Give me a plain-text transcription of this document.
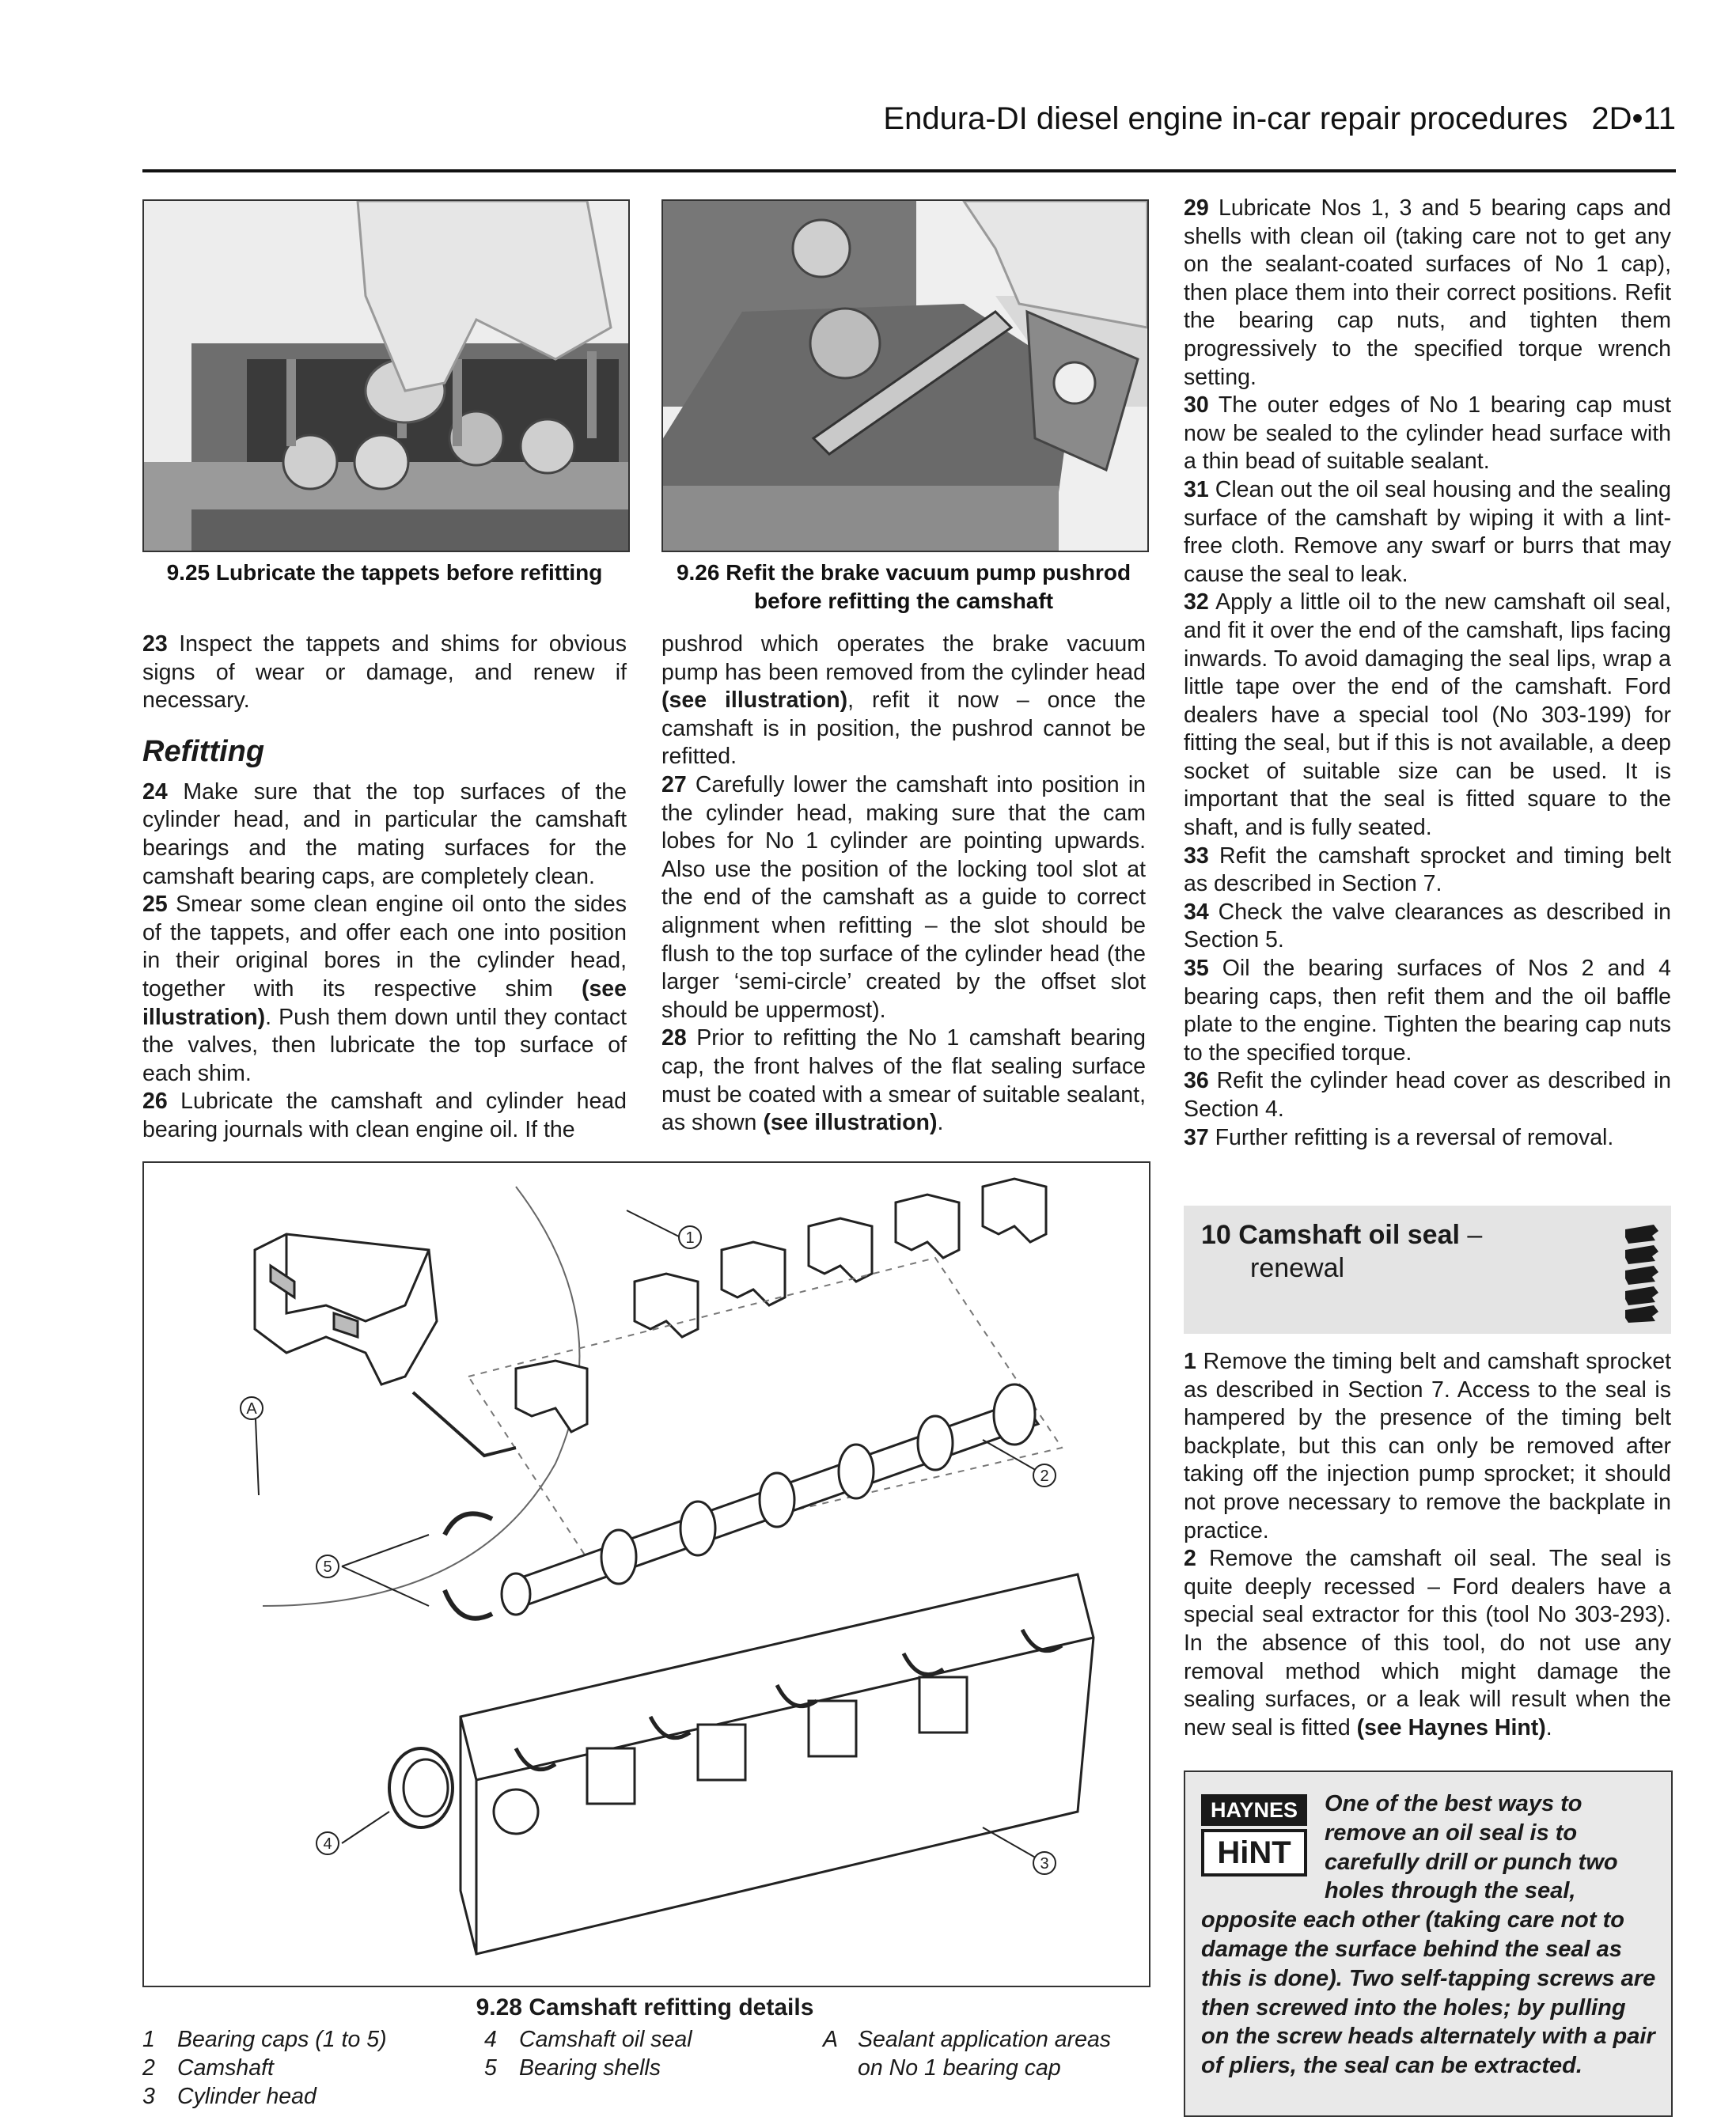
Endura-DI diesel engine in-car repair procedures 2D•11
9.25 Lubricate the tappets before refitting	9.26 Refit the brake vacuum pump pushrod
before refitting the camshaft

23 Inspect the tappets and shims for obvious signs of wear or damage, and renew if necessary.

Refitting

24 Make sure that the top surfaces of the cylinder head, and in particular the camshaft bearings and the mating surfaces for the camshaft bearing caps, are completely clean.

25 Smear some clean engine oil onto the sides of the tappets, and offer each one into position in their original bores in the cylinder head, together with its respective shim (see illustration). Push them down until they contact the valves, then lubricate the top surface of each shim.

26 Lubricate the camshaft and cylinder head bearing journals with clean engine oil. If the

pushrod which operates the brake vacuum pump has been removed from the cylinder head (see illustration), refit it now – once the camshaft is in position, the pushrod cannot be refitted.

27 Carefully lower the camshaft into position in the cylinder head, making sure that the cam lobes for No 1 cylinder are pointing upwards. Also use the position of the locking tool slot at the end of the camshaft as a guide to correct alignment when refitting – the slot should be flush to the top surface of the cylinder head (the larger ‘semi-circle’ created by the offset slot should be uppermost).

28 Prior to refitting the No 1 camshaft bearing cap, the front halves of the flat sealing surface must be coated with a smear of suitable sealant, as shown (see illustration).

29 Lubricate Nos 1, 3 and 5 bearing caps and shells with clean oil (taking care not to get any on the sealant-coated surfaces of No 1 cap), then place them into their correct positions. Refit the bearing cap nuts, and tighten them progressively to the specified torque wrench setting.

30 The outer edges of No 1 bearing cap must now be sealed to the cylinder head surface with a thin bead of suitable sealant.

31 Clean out the oil seal housing and the sealing surface of the camshaft by wiping it with a lint-free cloth. Remove any swarf or burrs that may cause the seal to leak.

32 Apply a little oil to the new camshaft oil seal, and fit it over the end of the camshaft, lips facing inwards. To avoid damaging the seal lips, wrap a little tape over the end of the camshaft. Ford dealers have a special tool (No 303-199) for fitting the seal, but if this is not available, a deep socket of suitable size can be used. It is important that the seal is fitted square to the shaft, and is fully seated.

33 Refit the camshaft sprocket and timing belt as described in Section 7.

34 Check the valve clearances as described in Section 5.

35 Oil the bearing surfaces of Nos 2 and 4 bearing caps, then refit them and the oil baffle plate to the engine. Tighten the bearing cap nuts to the specified torque.

36 Refit the cylinder head cover as described in Section 4.

37 Further refitting is a reversal of removal.

10 Camshaft oil seal –
renewal

1 Remove the timing belt and camshaft sprocket as described in Section 7. Access to the seal is hampered by the presence of the timing belt backplate, but this can only be removed after taking off the injection pump sprocket; it should not prove necessary to remove the backplate in practice.

2 Remove the camshaft oil seal. The seal is quite deeply recessed – Ford dealers have a special seal extractor for this (tool No 303-293). In the absence of this tool, do not use any removal method which might damage the sealing surfaces, or a leak will result when the new seal is fitted (see Haynes Hint).

HAYNES
HiNT
One of the best ways to remove an oil seal is to carefully drill or punch two holes through the seal, opposite each other (taking care not to damage the surface behind the seal as this is done). Two self-tapping screws are then screwed into the holes; by pulling on the screw heads alternately with a pair of pliers, the seal can be extracted.
1
2
3
4
5
A
9.28 Camshaft refitting details
1 Bearing caps (1 to 5)
2 Camshaft
3 Cylinder head
4 Camshaft oil seal
5 Bearing shells
A Sealant application areas
on No 1 bearing cap
